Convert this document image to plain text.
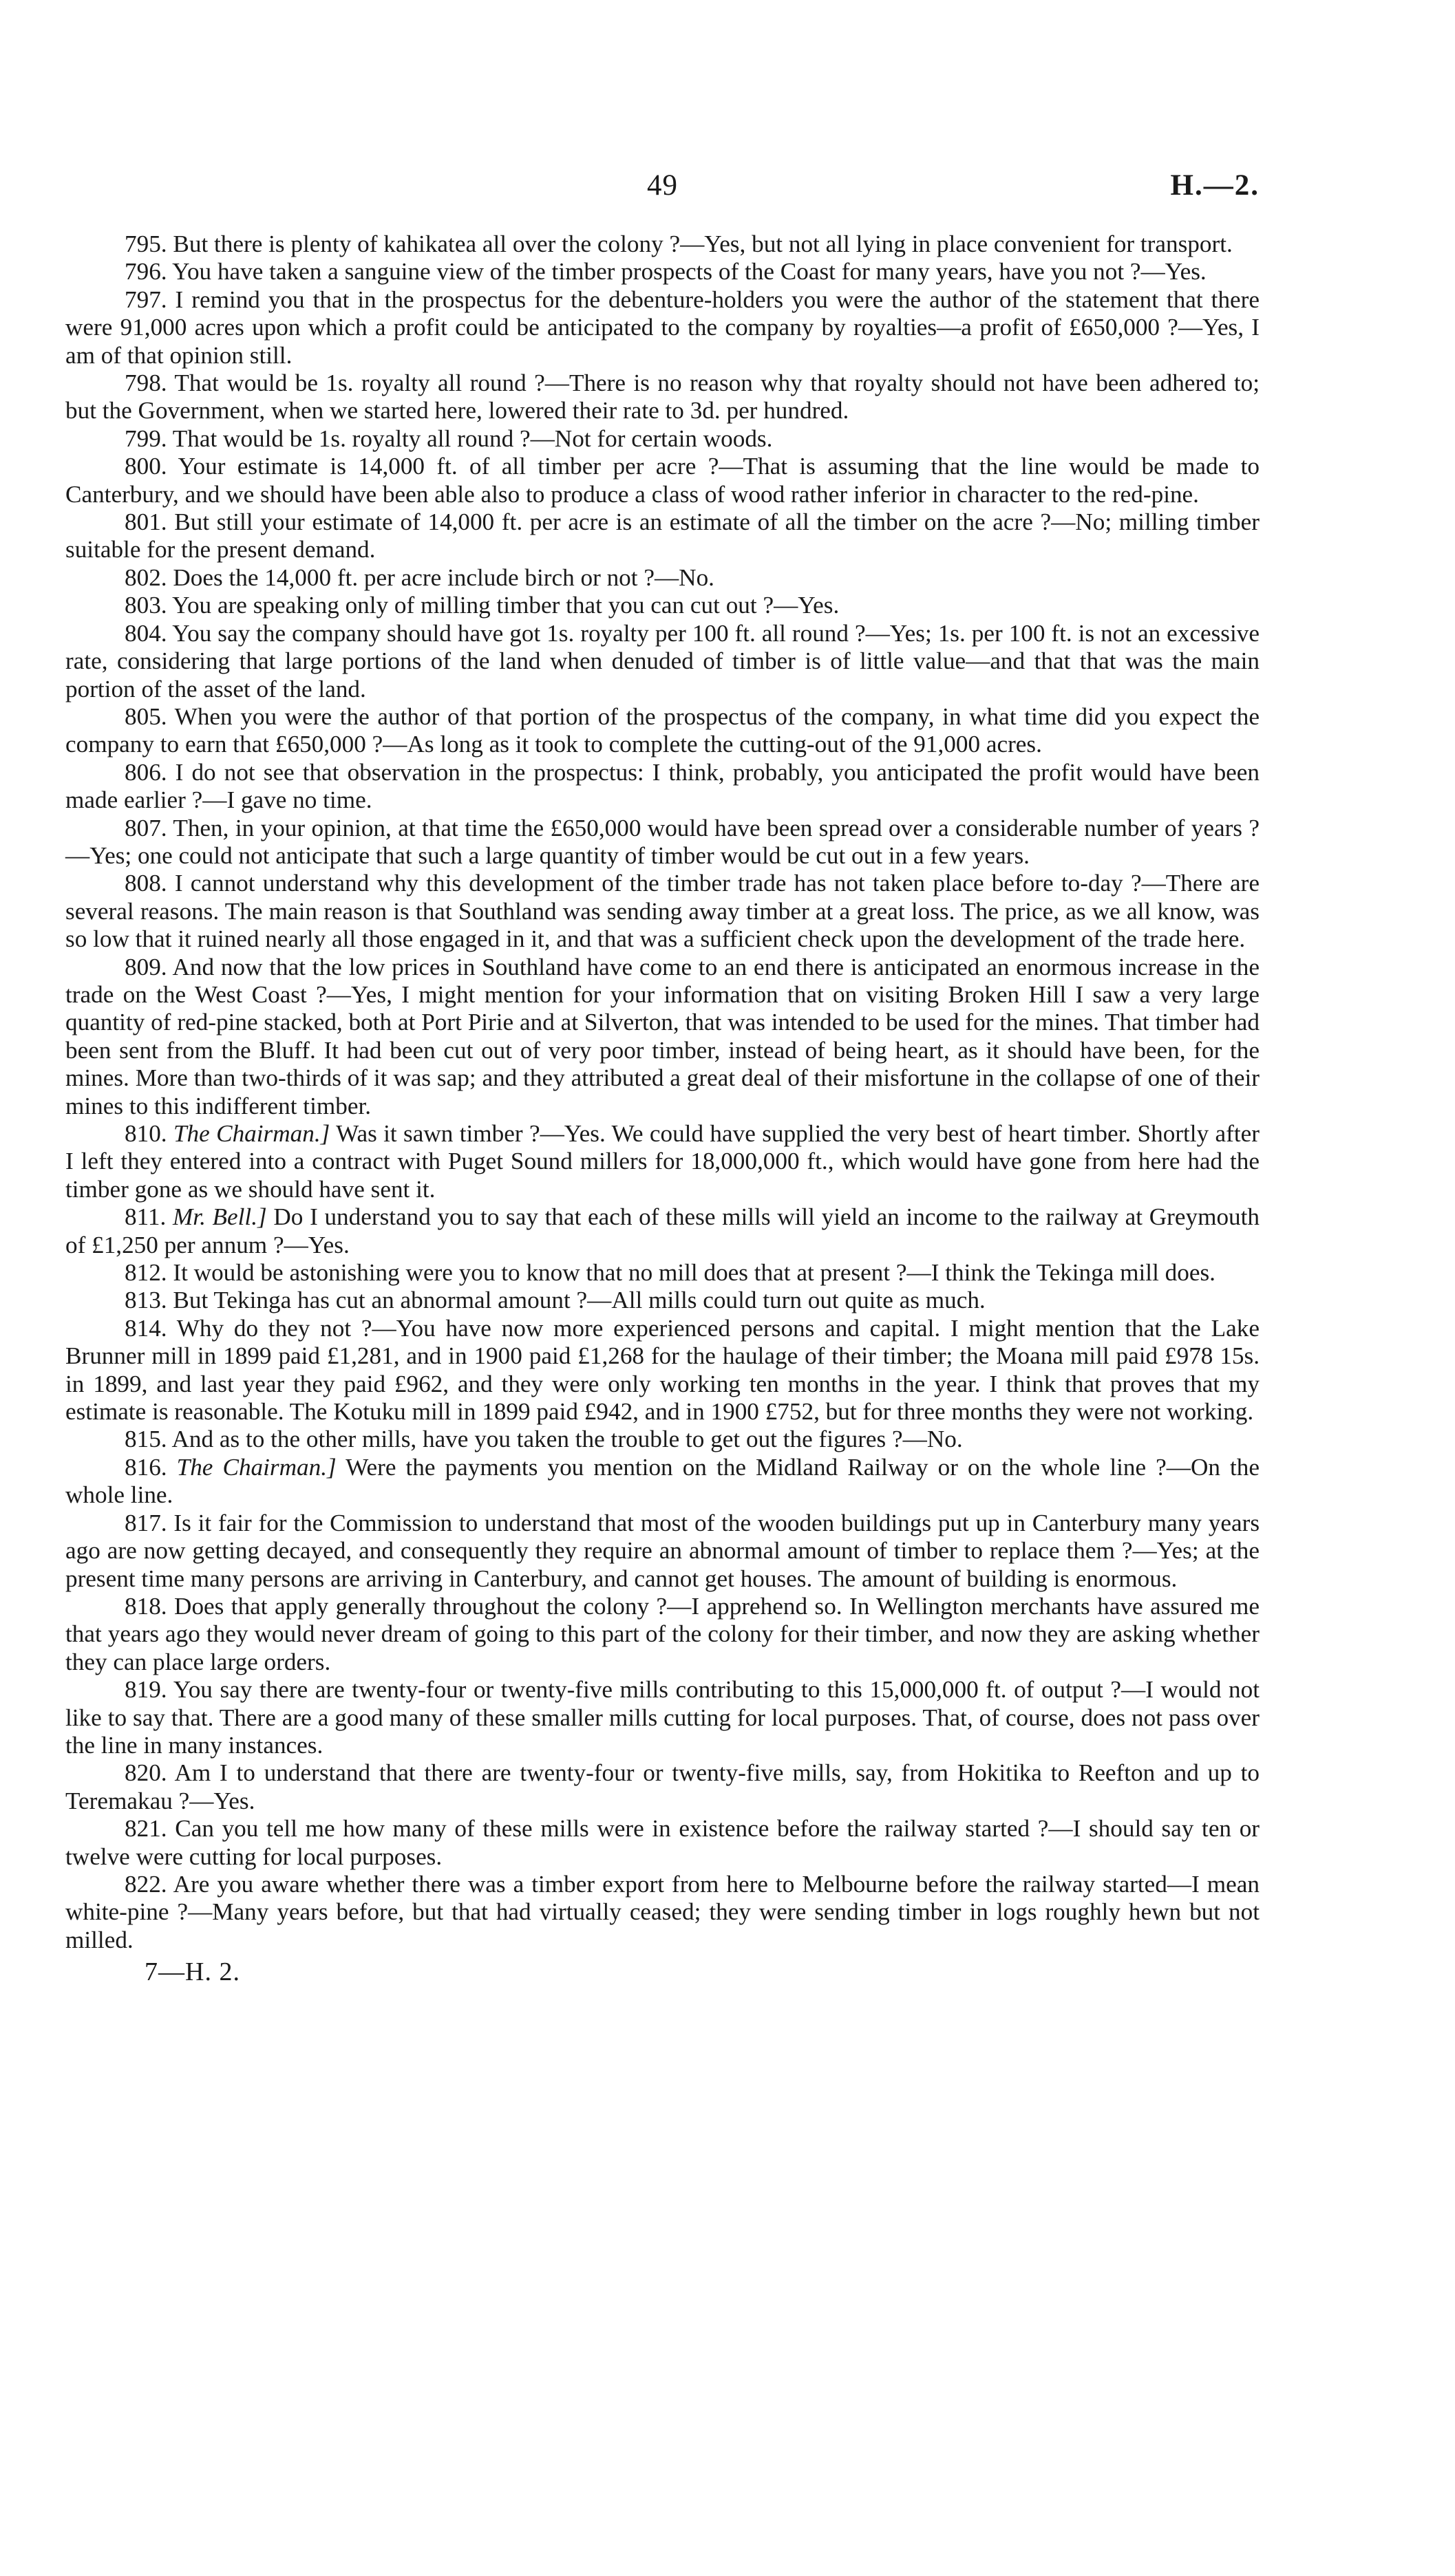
49	H.—2.

795. But there is plenty of kahikatea all over the colony ?—Yes, but not all lying in place convenient for transport.

796. You have taken a sanguine view of the timber prospects of the Coast for many years, have you not ?—Yes.

797. I remind you that in the prospectus for the debenture-holders you were the author of the statement that there were 91,000 acres upon which a profit could be anticipated to the company by royalties—a profit of £650,000 ?—Yes, I am of that opinion still.

798. That would be 1s. royalty all round ?—There is no reason why that royalty should not have been adhered to; but the Government, when we started here, lowered their rate to 3d. per hundred.

799. That would be 1s. royalty all round ?—Not for certain woods.

800. Your estimate is 14,000 ft. of all timber per acre ?—That is assuming that the line would be made to Canterbury, and we should have been able also to produce a class of wood rather inferior in character to the red-pine.

801. But still your estimate of 14,000 ft. per acre is an estimate of all the timber on the acre ?—No; milling timber suitable for the present demand.

802. Does the 14,000 ft. per acre include birch or not ?—No.

803. You are speaking only of milling timber that you can cut out ?—Yes.

804. You say the company should have got 1s. royalty per 100 ft. all round ?—Yes; 1s. per 100 ft. is not an excessive rate, considering that large portions of the land when denuded of timber is of little value—and that that was the main portion of the asset of the land.

805. When you were the author of that portion of the prospectus of the company, in what time did you expect the company to earn that £650,000 ?—As long as it took to complete the cutting-out of the 91,000 acres.

806. I do not see that observation in the prospectus: I think, probably, you anticipated the profit would have been made earlier ?—I gave no time.

807. Then, in your opinion, at that time the £650,000 would have been spread over a considerable number of years ?—Yes; one could not anticipate that such a large quantity of timber would be cut out in a few years.

808. I cannot understand why this development of the timber trade has not taken place before to-day ?—There are several reasons. The main reason is that Southland was sending away timber at a great loss. The price, as we all know, was so low that it ruined nearly all those engaged in it, and that was a sufficient check upon the development of the trade here.

809. And now that the low prices in Southland have come to an end there is anticipated an enormous increase in the trade on the West Coast ?—Yes, I might mention for your information that on visiting Broken Hill I saw a very large quantity of red-pine stacked, both at Port Pirie and at Silverton, that was intended to be used for the mines. That timber had been sent from the Bluff. It had been cut out of very poor timber, instead of being heart, as it should have been, for the mines. More than two-thirds of it was sap; and they attributed a great deal of their misfortune in the collapse of one of their mines to this indifferent timber.

810. The Chairman.] Was it sawn timber ?—Yes. We could have supplied the very best of heart timber. Shortly after I left they entered into a contract with Puget Sound millers for 18,000,000 ft., which would have gone from here had the timber gone as we should have sent it.

811. Mr. Bell.] Do I understand you to say that each of these mills will yield an income to the railway at Greymouth of £1,250 per annum ?—Yes.

812. It would be astonishing were you to know that no mill does that at present ?—I think the Tekinga mill does.

813. But Tekinga has cut an abnormal amount ?—All mills could turn out quite as much.

814. Why do they not ?—You have now more experienced persons and capital. I might mention that the Lake Brunner mill in 1899 paid £1,281, and in 1900 paid £1,268 for the haulage of their timber; the Moana mill paid £978 15s. in 1899, and last year they paid £962, and they were only working ten months in the year. I think that proves that my estimate is reasonable. The Kotuku mill in 1899 paid £942, and in 1900 £752, but for three months they were not working.

815. And as to the other mills, have you taken the trouble to get out the figures ?—No.

816. The Chairman.] Were the payments you mention on the Midland Railway or on the whole line ?—On the whole line.

817. Is it fair for the Commission to understand that most of the wooden buildings put up in Canterbury many years ago are now getting decayed, and consequently they require an abnormal amount of timber to replace them ?—Yes; at the present time many persons are arriving in Canterbury, and cannot get houses. The amount of building is enormous.

818. Does that apply generally throughout the colony ?—I apprehend so. In Wellington merchants have assured me that years ago they would never dream of going to this part of the colony for their timber, and now they are asking whether they can place large orders.

819. You say there are twenty-four or twenty-five mills contributing to this 15,000,000 ft. of output ?—I would not like to say that. There are a good many of these smaller mills cutting for local purposes. That, of course, does not pass over the line in many instances.

820. Am I to understand that there are twenty-four or twenty-five mills, say, from Hokitika to Reefton and up to Teremakau ?—Yes.

821. Can you tell me how many of these mills were in existence before the railway started ?—I should say ten or twelve were cutting for local purposes.

822. Are you aware whether there was a timber export from here to Melbourne before the railway started—I mean white-pine ?—Many years before, but that had virtually ceased; they were sending timber in logs roughly hewn but not milled.

7—H. 2.
